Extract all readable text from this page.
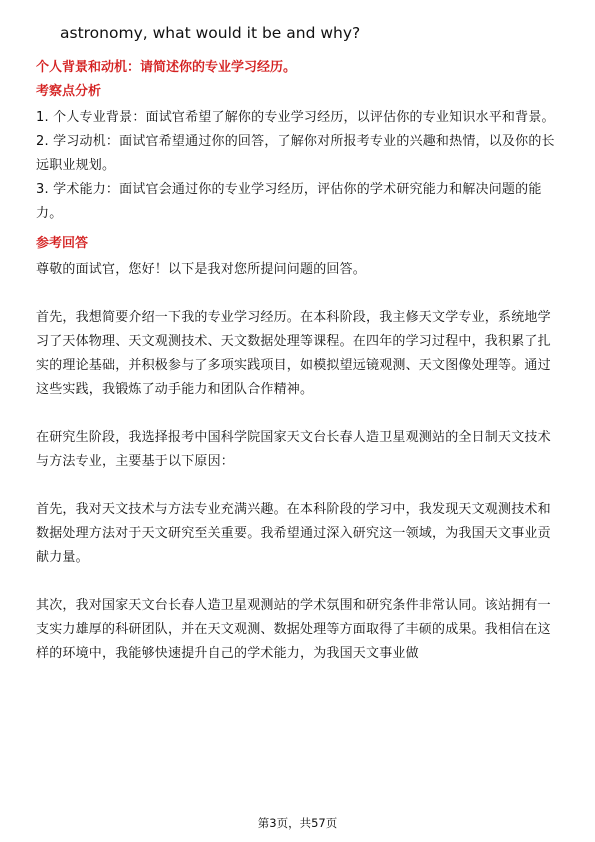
astronomy, what would it be and why?

个人背景和动机：请简述你的专业学习经历。

考察点分析

1. 个人专业背景：面试官希望了解你的专业学习经历，以评估你的专业知识水平和背景。

2. 学习动机：面试官希望通过你的回答，了解你对所报考专业的兴趣和热情，以及你的长远职业规划。

3. 学术能力：面试官会通过你的专业学习经历，评估你的学术研究能力和解决问题的能力。

参考回答

尊敬的面试官，您好！以下是我对您所提问问题的回答。

首先，我想简要介绍一下我的专业学习经历。在本科阶段，我主修天文学专业，系统地学习了天体物理、天文观测技术、天文数据处理等课程。在四年的学习过程中，我积累了扎实的理论基础，并积极参与了多项实践项目，如模拟望远镜观测、天文图像处理等。通过这些实践，我锻炼了动手能力和团队合作精神。

在研究生阶段，我选择报考中国科学院国家天文台长春人造卫星观测站的全日制天文技术与方法专业，主要基于以下原因：

首先，我对天文技术与方法专业充满兴趣。在本科阶段的学习中，我发现天文观测技术和数据处理方法对于天文研究至关重要。我希望通过深入研究这一领域，为我国天文事业贡献力量。

其次，我对国家天文台长春人造卫星观测站的学术氛围和研究条件非常认同。该站拥有一支实力雄厚的科研团队，并在天文观测、数据处理等方面取得了丰硕的成果。我相信在这样的环境中，我能够快速提升自己的学术能力，为我国天文事业做

第3页，共57页
